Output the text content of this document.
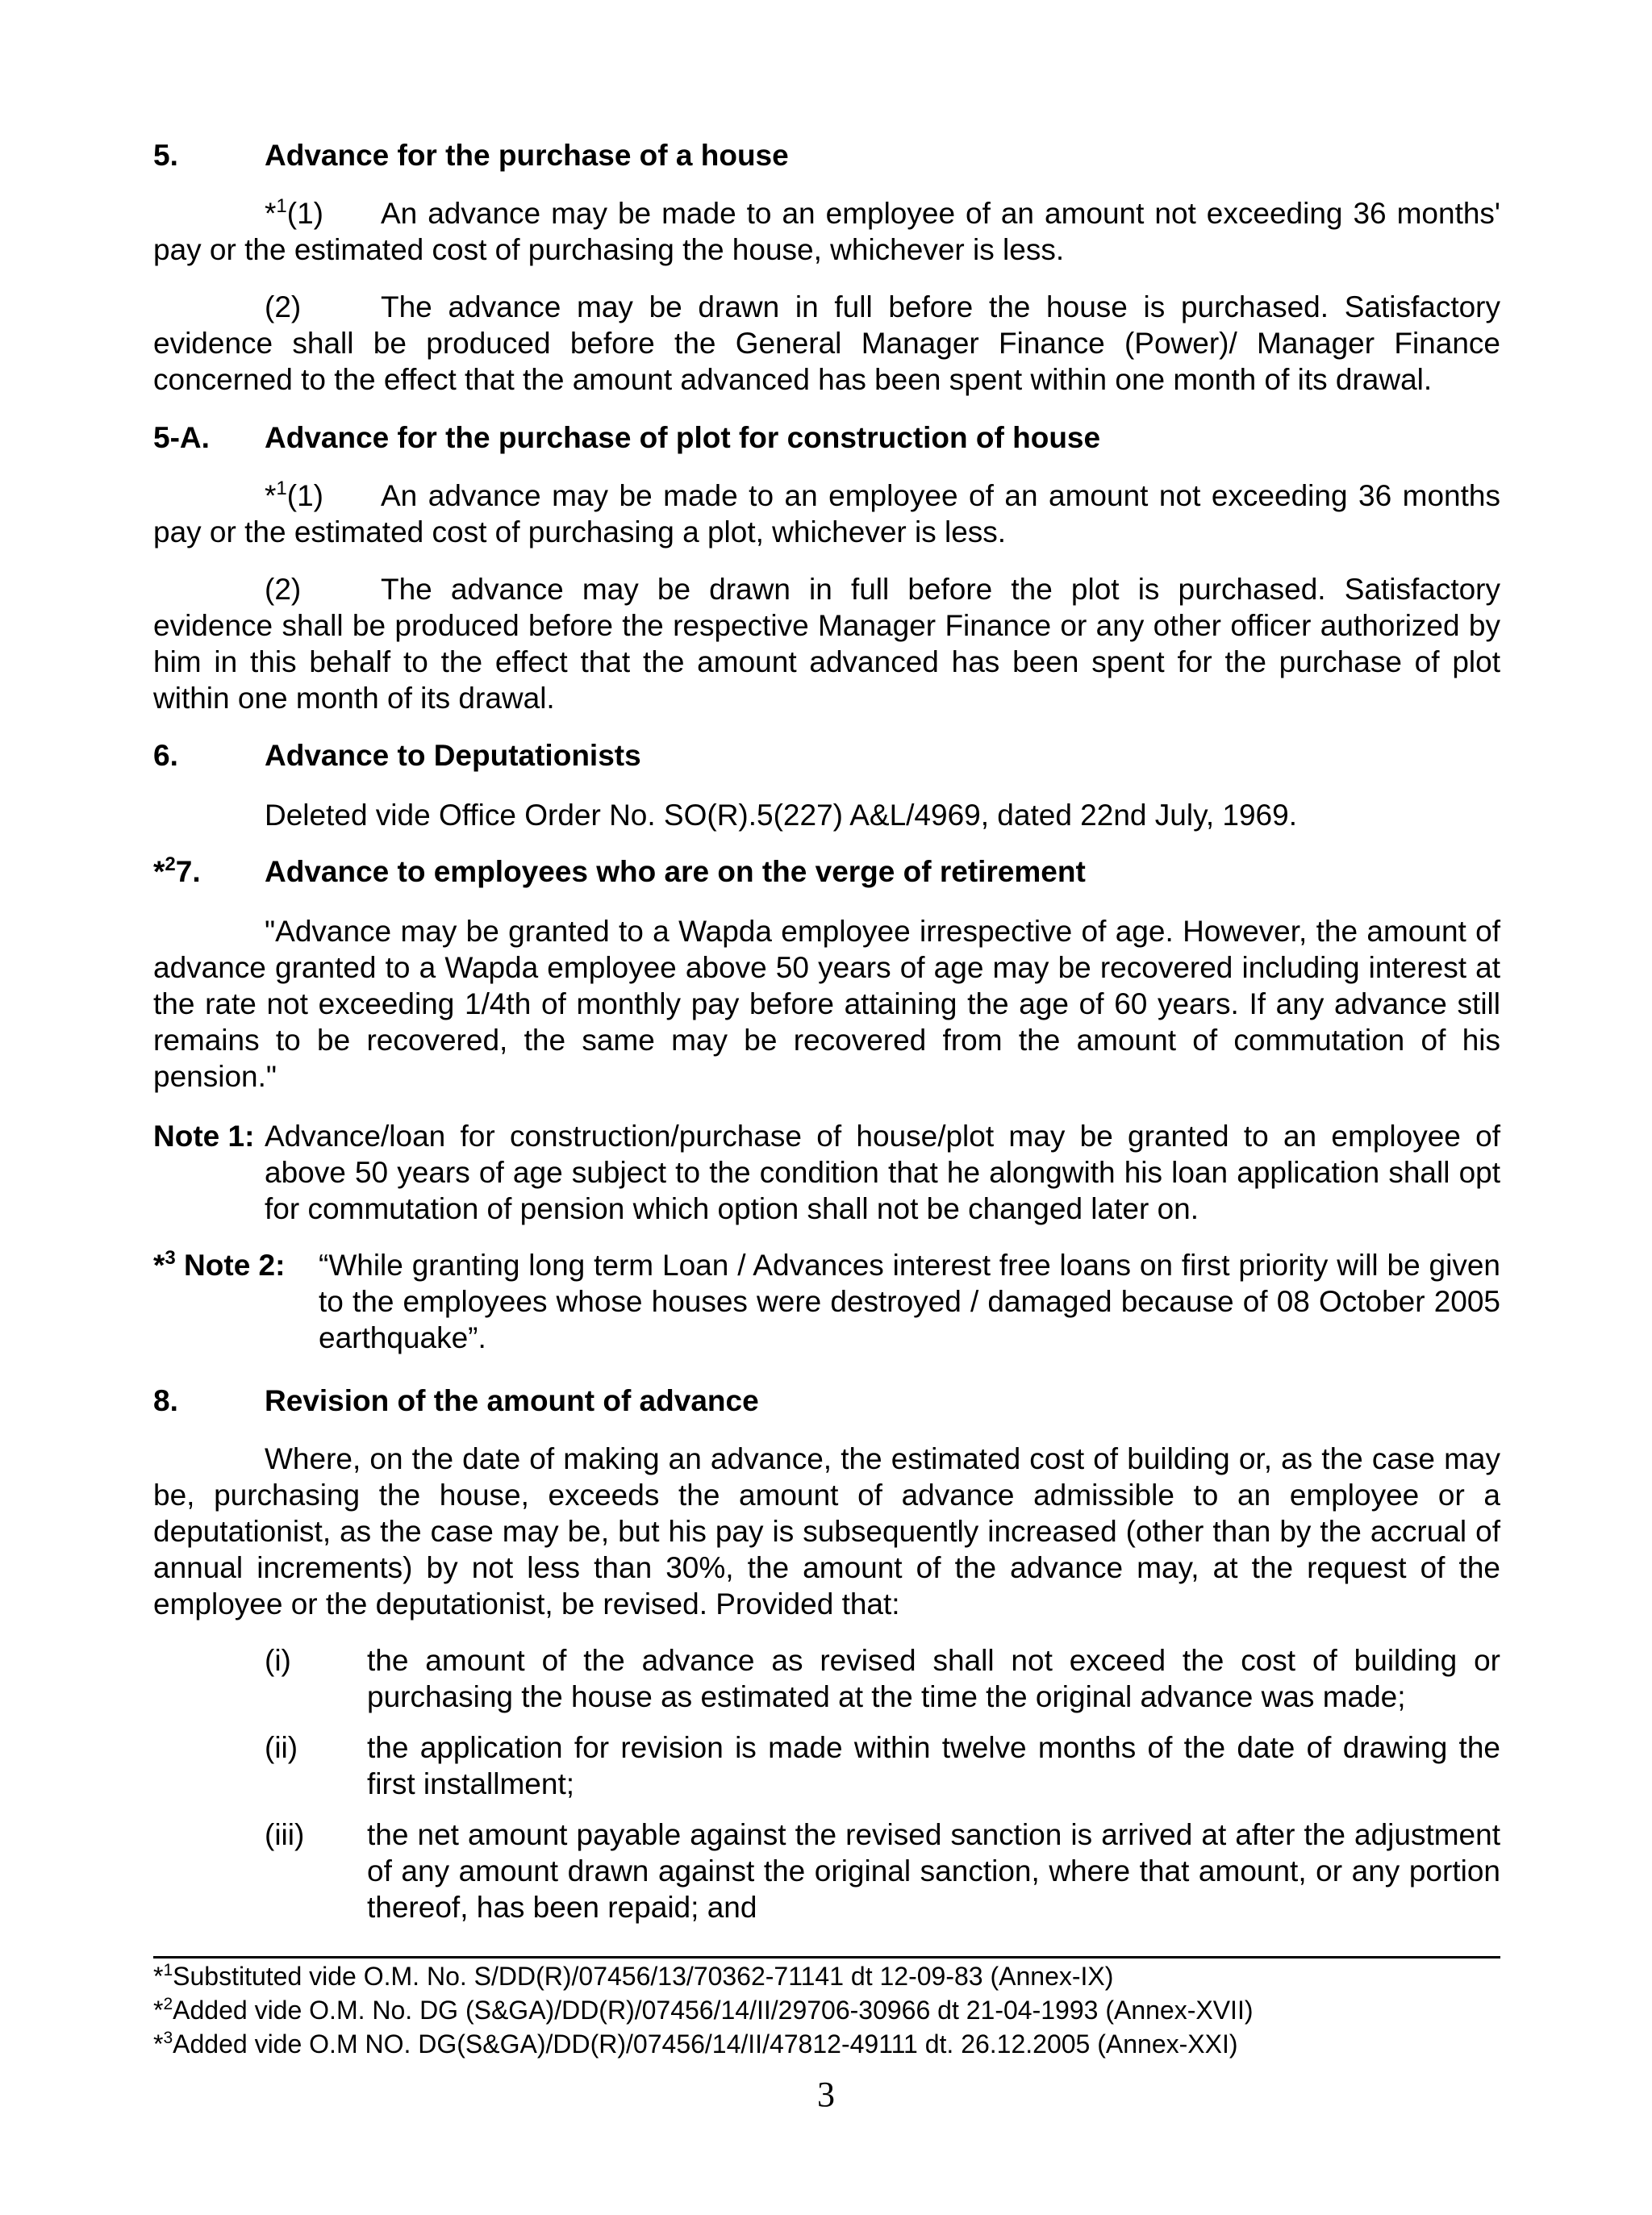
5.	Advance for the purchase of a house

*$^1$(1) An advance may be made to an employee of an amount not exceeding 36 months' pay or the estimated cost of purchasing the house, whichever is less.

(2)	The advance may be drawn in full before the house is purchased. Satisfactory evidence shall be produced before the General Manager Finance (Power)/ Manager Finance concerned to the effect that the amount advanced has been spent within one month of its drawal.

5-A. Advance for the purchase of plot for construction of house

*$^1$(1) An advance may be made to an employee of an amount not exceeding 36 months pay or the estimated cost of purchasing a plot, whichever is less.

(2)	The advance may be drawn in full before the plot is purchased. Satisfactory evidence shall be produced before the respective Manager Finance or any other officer authorized by him in this behalf to the effect that the amount advanced has been spent for the purchase of plot within one month of its drawal.

6.	Advance to Deputationists

Deleted vide Office Order No. SO(R).5(227) A&L/4969, dated 22nd July, 1969.

*$^2$7. Advance to employees who are on the verge of retirement

"Advance may be granted to a Wapda employee irrespective of age. However, the amount of advance granted to a Wapda employee above 50 years of age may be recovered including interest at the rate not exceeding 1/4th of monthly pay before attaining the age of 60 years. If any advance still remains to be recovered, the same may be recovered from the amount of commutation of his pension."

Note 1: Advance/loan for construction/purchase of house/plot may be granted to an employee of above 50 years of age subject to the condition that he alongwith his loan application shall opt for commutation of pension which option shall not be changed later on.

*$^3$ Note 2: “While granting long term Loan / Advances interest free loans on first priority will be given to the employees whose houses were destroyed / damaged because of 08 October 2005 earthquake”.

8.	Revision of the amount of advance

Where, on the date of making an advance, the estimated cost of building or, as the case may be, purchasing the house, exceeds the amount of advance admissible to an employee or a deputationist, as the case may be, but his pay is subsequently increased (other than by the accrual of annual increments) by not less than 30%, the amount of the advance may, at the request of the employee or the deputationist, be revised. Provided that:

(i)	the amount of the advance as revised shall not exceed the cost of building or purchasing the house as estimated at the time the original advance was made;

(ii) the application for revision is made within twelve months of the date of drawing the first installment;

(iii) the net amount payable against the revised sanction is arrived at after the adjustment of any amount drawn against the original sanction, where that amount, or any portion thereof, has been repaid; and

*$^1$Substituted vide O.M. No. S/DD(R)/07456/13/70362-71141 dt 12-09-83 (Annex-IX)
*$^2$Added vide O.M. No. DG (S&GA)/DD(R)/07456/14/II/29706-30966 dt 21-04-1993 (Annex-XVII)
*$^3$Added vide O.M NO. DG(S&GA)/DD(R)/07456/14/II/47812-49111 dt. 26.12.2005 (Annex-XXI)
3
